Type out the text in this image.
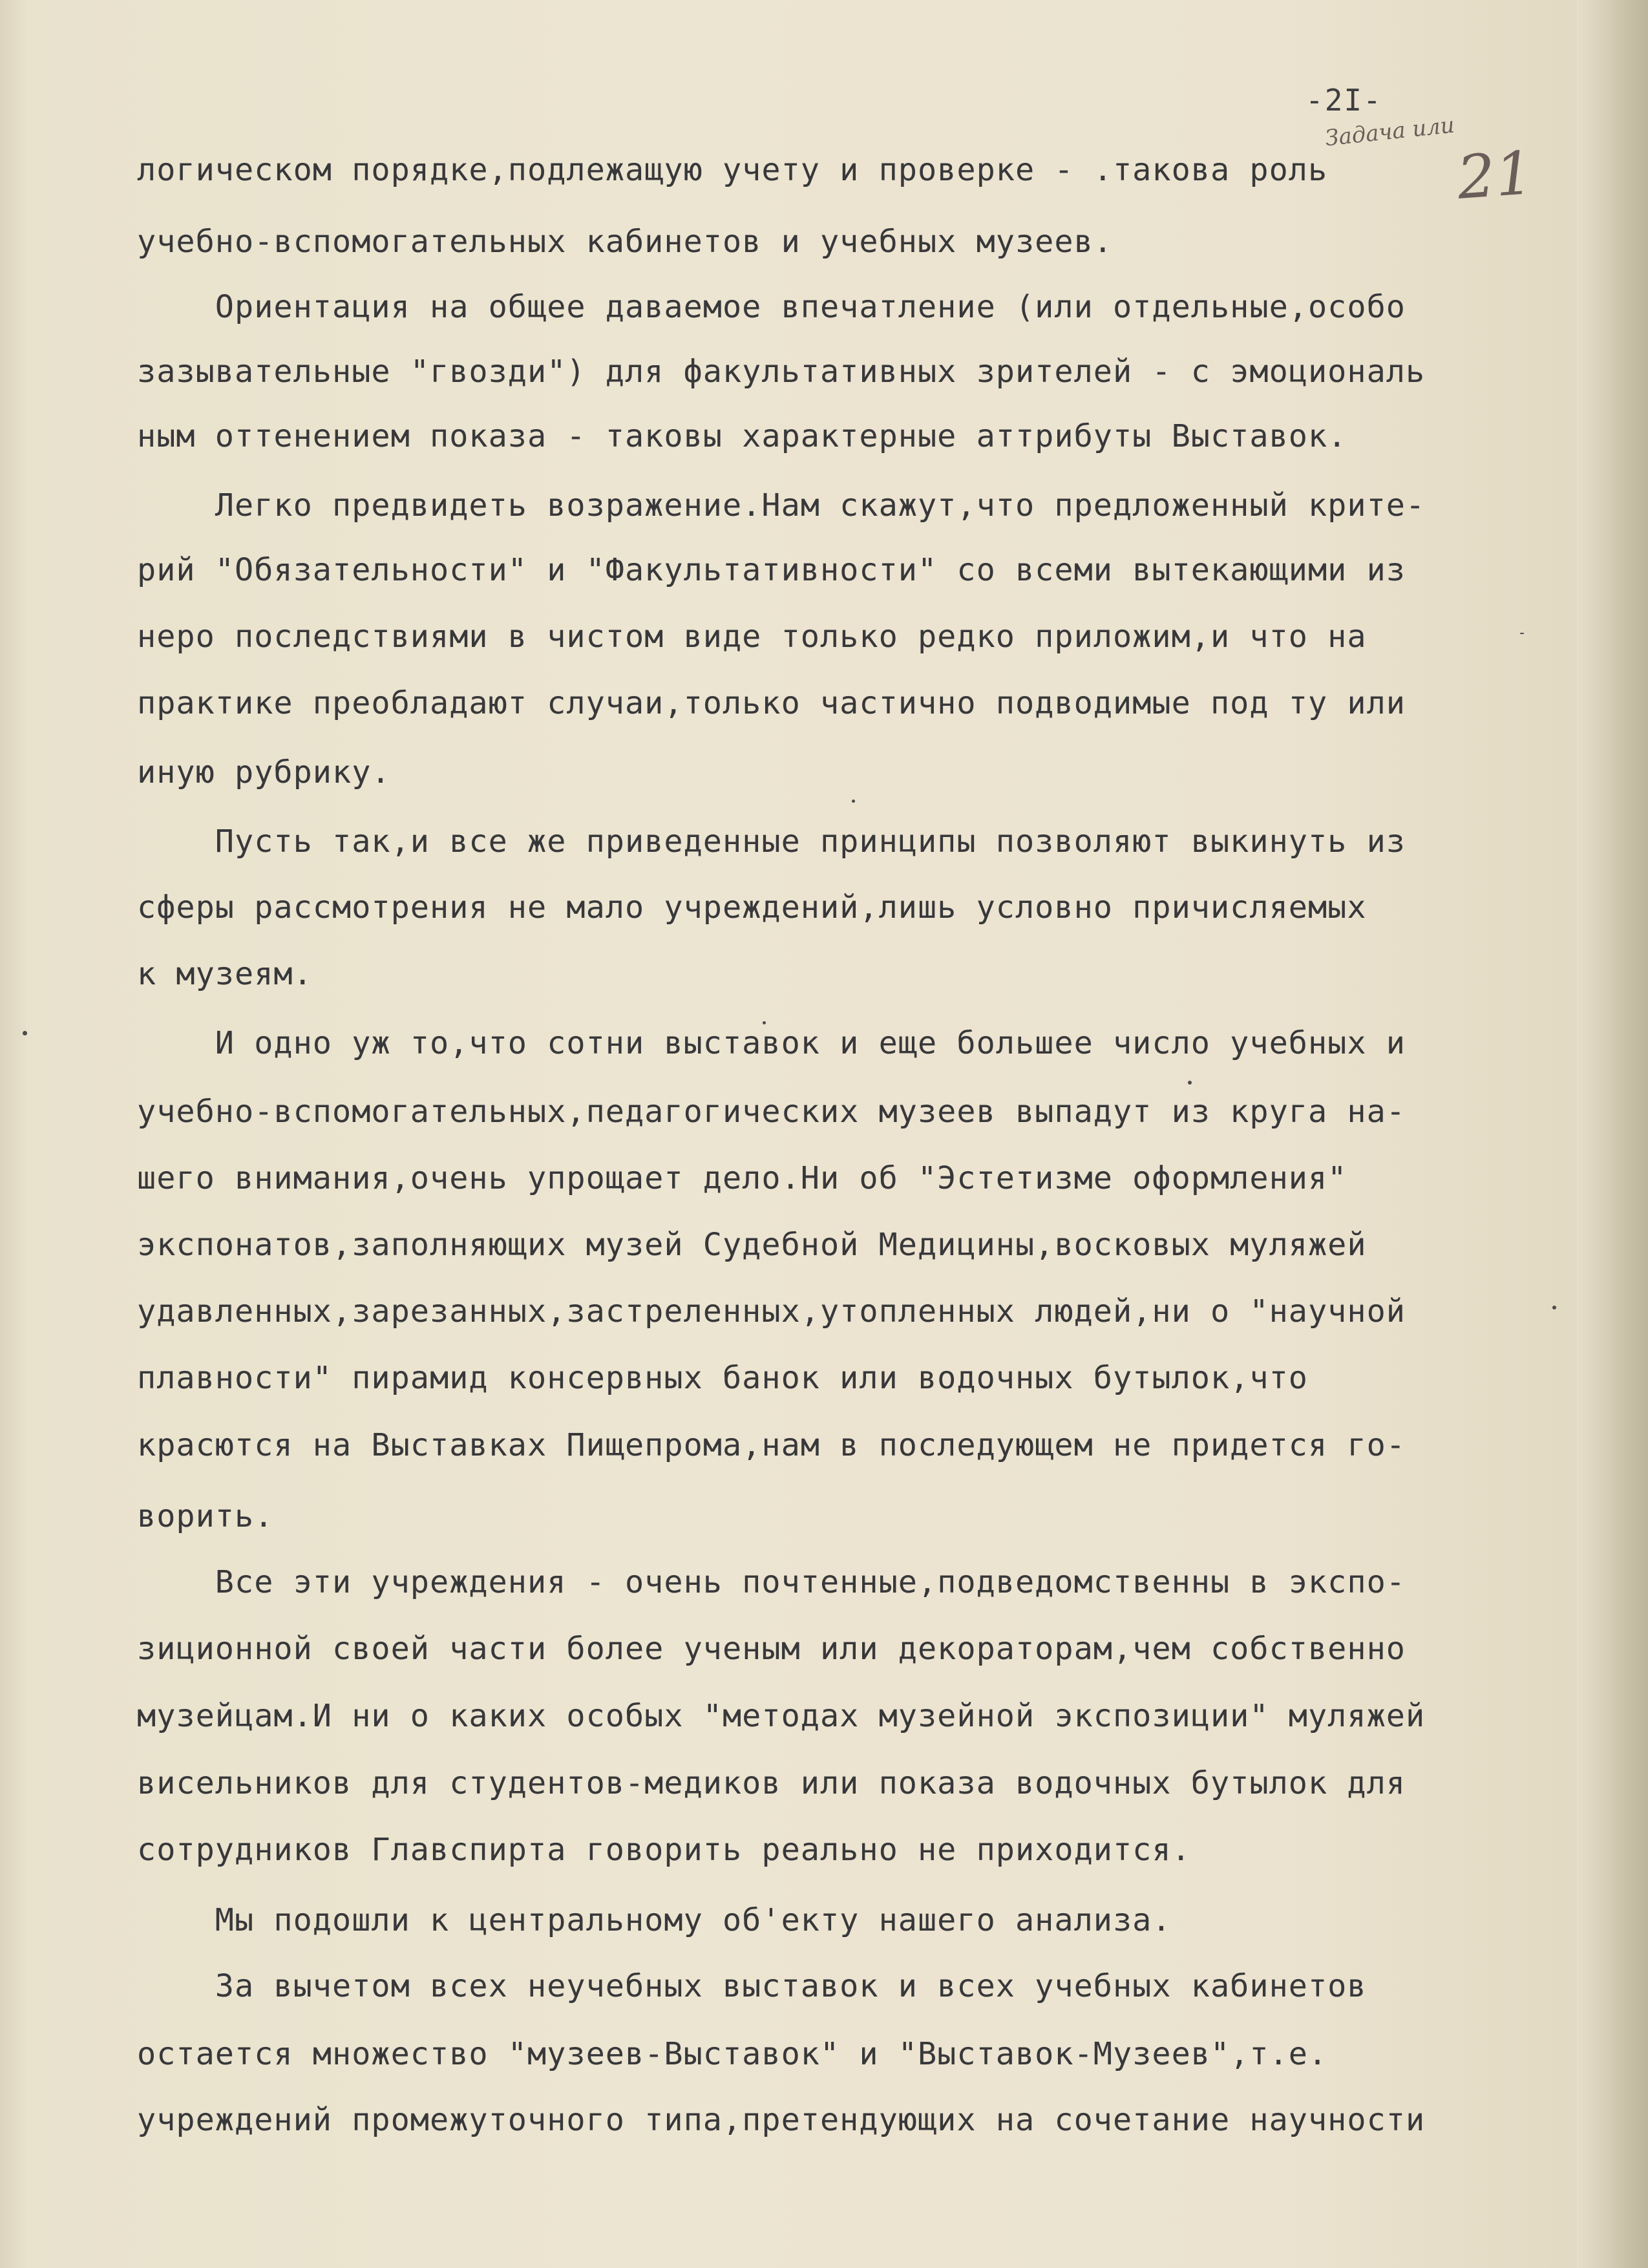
-2I-
Задача или
21
логическом порядке,подлежащую учету и проверке - .такова роль
учебно-вспомогательных кабинетов и учебных музеев.
Ориентация на общее даваемое впечатление (или отдельные,особо
зазывательные "гвозди") для факультативных зрителей - с эмоциональ
ным оттенением показа - таковы характерные аттрибуты Выставок.
Легко предвидеть возражение.Нам скажут,что предложенный крите-
рий "Обязательности" и "Факультативности" со всеми вытекающими из
неро последствиями в чистом виде только редко приложим,и что на
практике преобладают случаи,только частично подводимые под ту или
иную рубрику.
Пусть так,и все же приведенные принципы позволяют выкинуть из
сферы рассмотрения не мало учреждений,лишь условно причисляемых
к музеям.
И одно уж то,что сотни выставок и еще большее число учебных и
учебно-вспомогательных,педагогических музеев выпадут из круга на-
шего внимания,очень упрощает дело.Ни об "Эстетизме оформления"
экспонатов,заполняющих музей Судебной Медицины,восковых муляжей
удавленных,зарезанных,застреленных,утопленных людей,ни о "научной
плавности" пирамид консервных банок или водочных бутылок,что
красются на Выставках Пищепрома,нам в последующем не придется го-
ворить.
Все эти учреждения - очень почтенные,подведомственны в экспо-
зиционной своей части более ученым или декораторам,чем собственно
музейцам.И ни о каких особых "методах музейной экспозиции" муляжей
висельников для студентов-медиков или показа водочных бутылок для
сотрудников Главспирта говорить реально не приходится.
Мы подошли к центральному об'екту нашего анализа.
За вычетом всех неучебных выставок и всех учебных кабинетов
остается множество "музеев-Выставок" и "Выставок-Музеев",т.е.
учреждений промежуточного типа,претендующих на сочетание научности
